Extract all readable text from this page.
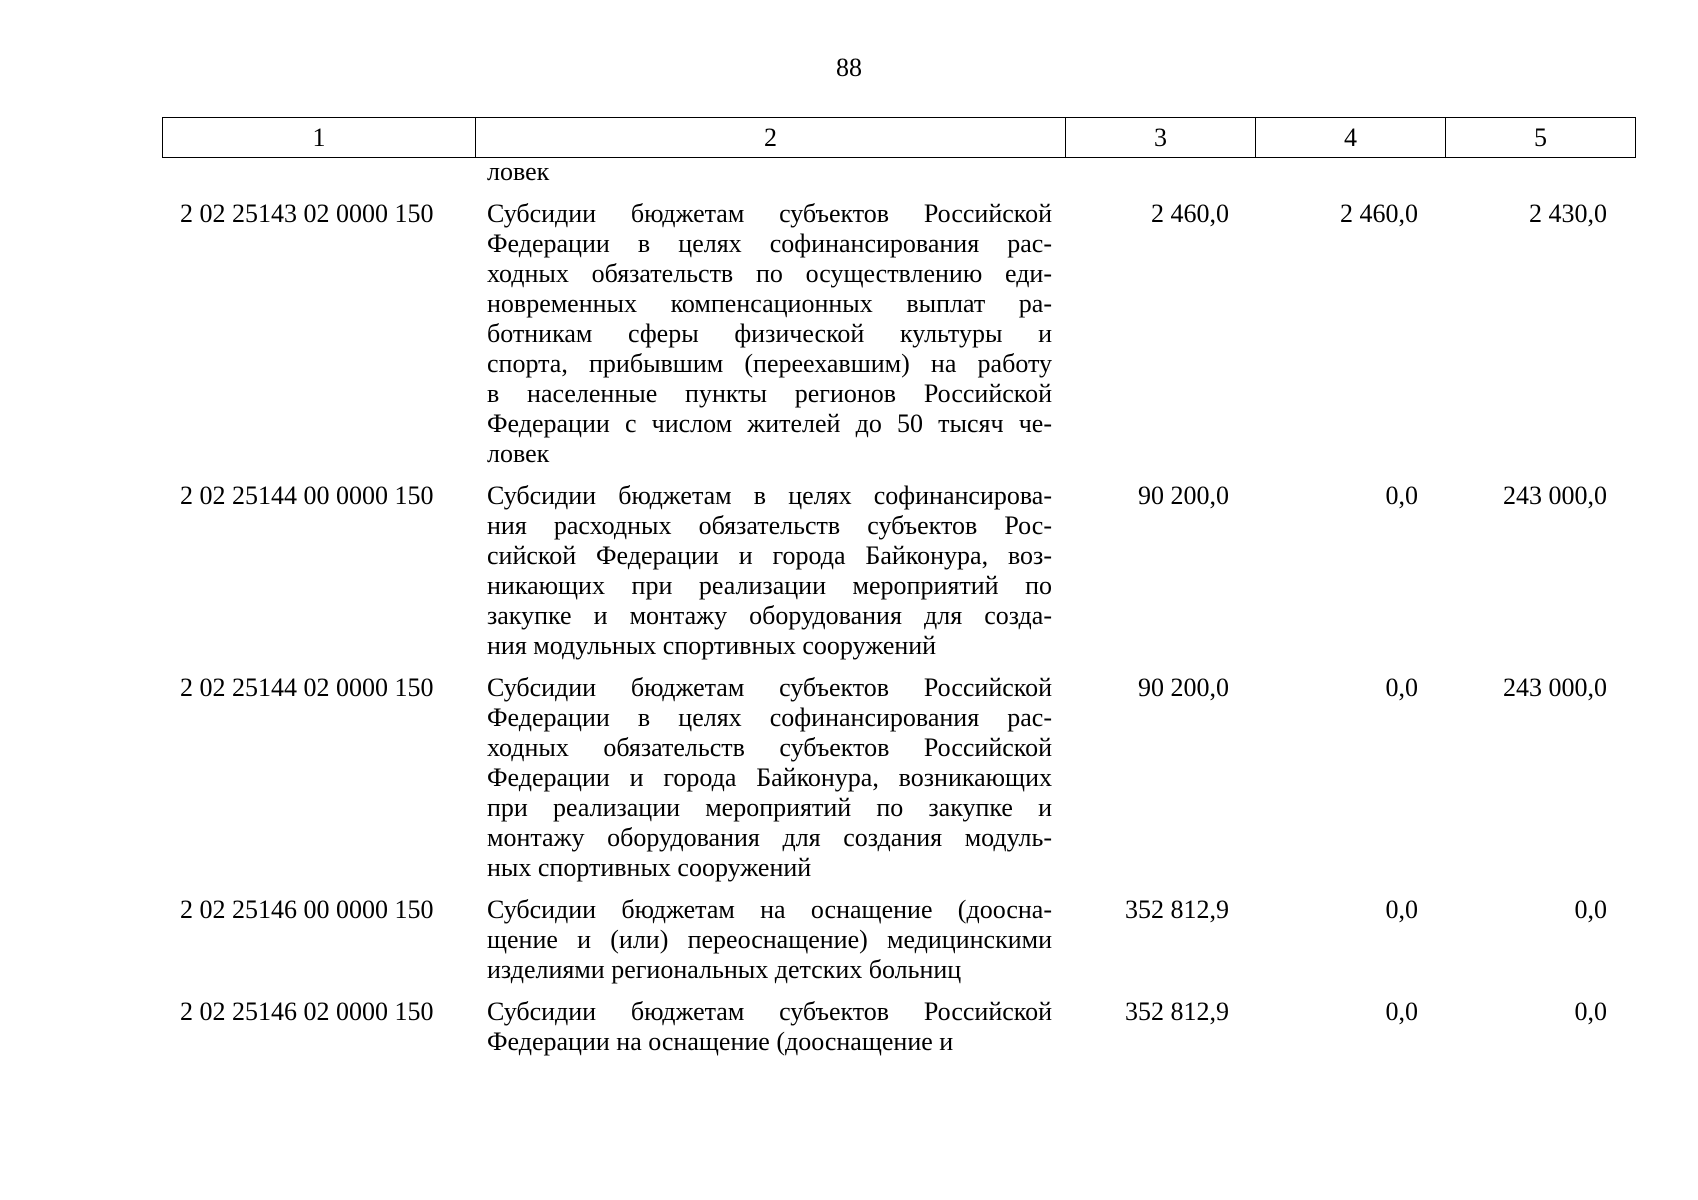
88
1	2	3	4	5
ловек
2 02 25143 02 0000 150	Субсидии бюджетам субъектов Российской
Федерации в целях софинансирования рас-
ходных обязательств по осуществлению еди-
новременных компенсационных выплат ра-
ботникам сферы физической культуры и
спорта, прибывшим (переехавшим) на работу
в населенные пункты регионов Российской
Федерации с числом жителей до 50 тысяч че-
ловек
2 460,0	2 460,0	2 430,0
2 02 25144 00 0000 150	Субсидии бюджетам в целях софинансирова-
ния расходных обязательств субъектов Рос-
сийской Федерации и города Байконура, воз-
никающих при реализации мероприятий по
закупке и монтажу оборудования для созда-
ния модульных спортивных сооружений
90 200,0	0,0	243 000,0
2 02 25144 02 0000 150	Субсидии бюджетам субъектов Российской
Федерации в целях софинансирования рас-
ходных обязательств субъектов Российской
Федерации и города Байконура, возникающих
при реализации мероприятий по закупке и
монтажу оборудования для создания модуль-
ных спортивных сооружений
90 200,0	0,0	243 000,0
2 02 25146 00 0000 150	Субсидии бюджетам на оснащение (доосна-
щение и (или) переоснащение) медицинскими
изделиями региональных детских больниц
352 812,9	0,0	0,0
2 02 25146 02 0000 150	Субсидии бюджетам субъектов Российской
Федерации на оснащение (дооснащение и
352 812,9	0,0	0,0
